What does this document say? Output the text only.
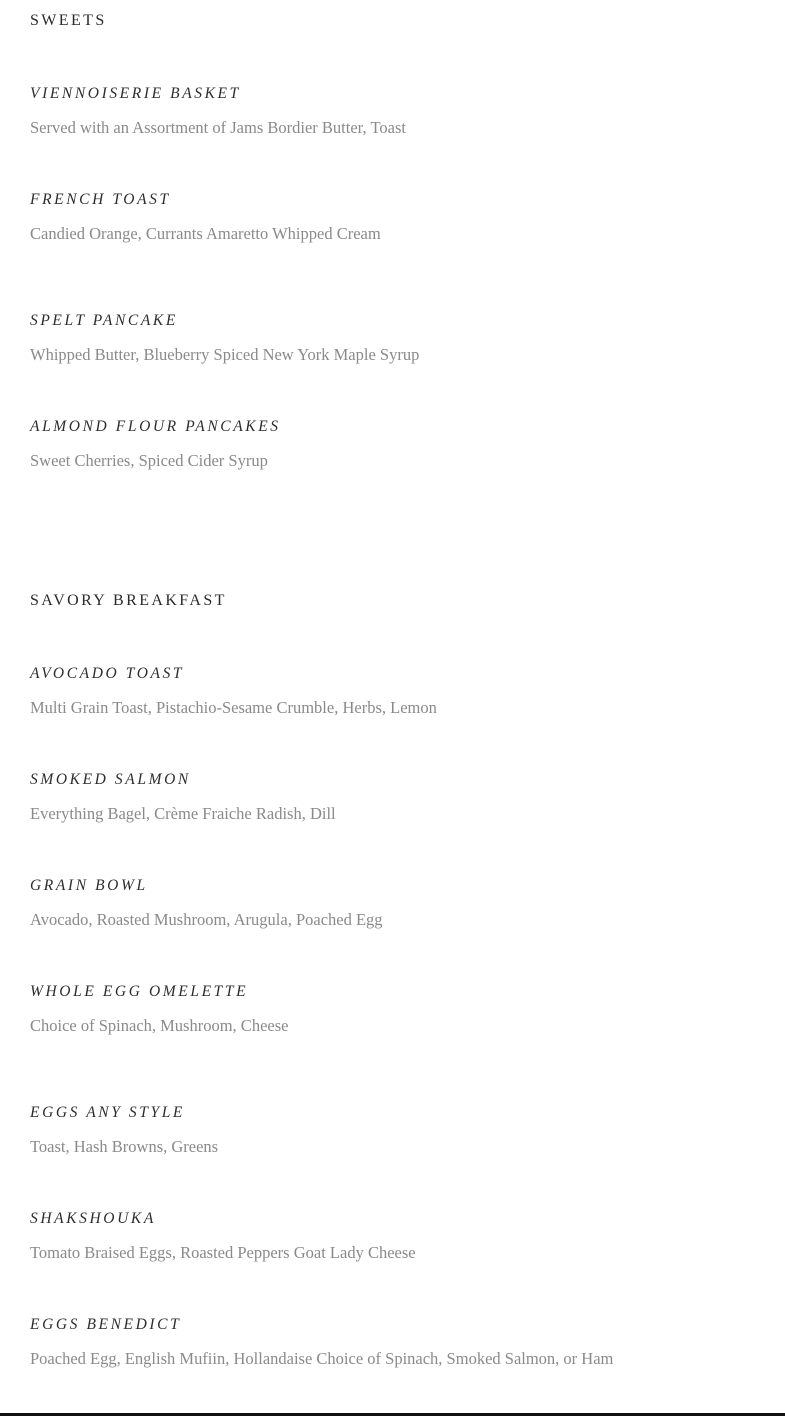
SWEETS
VIENNOISERIE BASKET
Served with an Assortment of Jams Bordier Butter, Toast
FRENCH TOAST
Candied Orange, Currants Amaretto Whipped Cream
SPELT PANCAKE
Whipped Butter, Blueberry Spiced New York Maple Syrup
ALMOND FLOUR PANCAKES
Sweet Cherries, Spiced Cider Syrup
SAVORY BREAKFAST
AVOCADO TOAST
Multi Grain Toast, Pistachio-Sesame Crumble, Herbs, Lemon
SMOKED SALMON
Everything Bagel, Crème Fraiche Radish, Dill
GRAIN BOWL
Avocado, Roasted Mushroom, Arugula, Poached Egg
WHOLE EGG OMELETTE
Choice of Spinach, Mushroom, Cheese
EGGS ANY STYLE
Toast, Hash Browns, Greens
SHAKSHOUKA
Tomato Braised Eggs, Roasted Peppers Goat Lady Cheese
EGGS BENEDICT
Poached Egg, English Mufiin, Hollandaise Choice of Spinach, Smoked Salmon, or Ham
